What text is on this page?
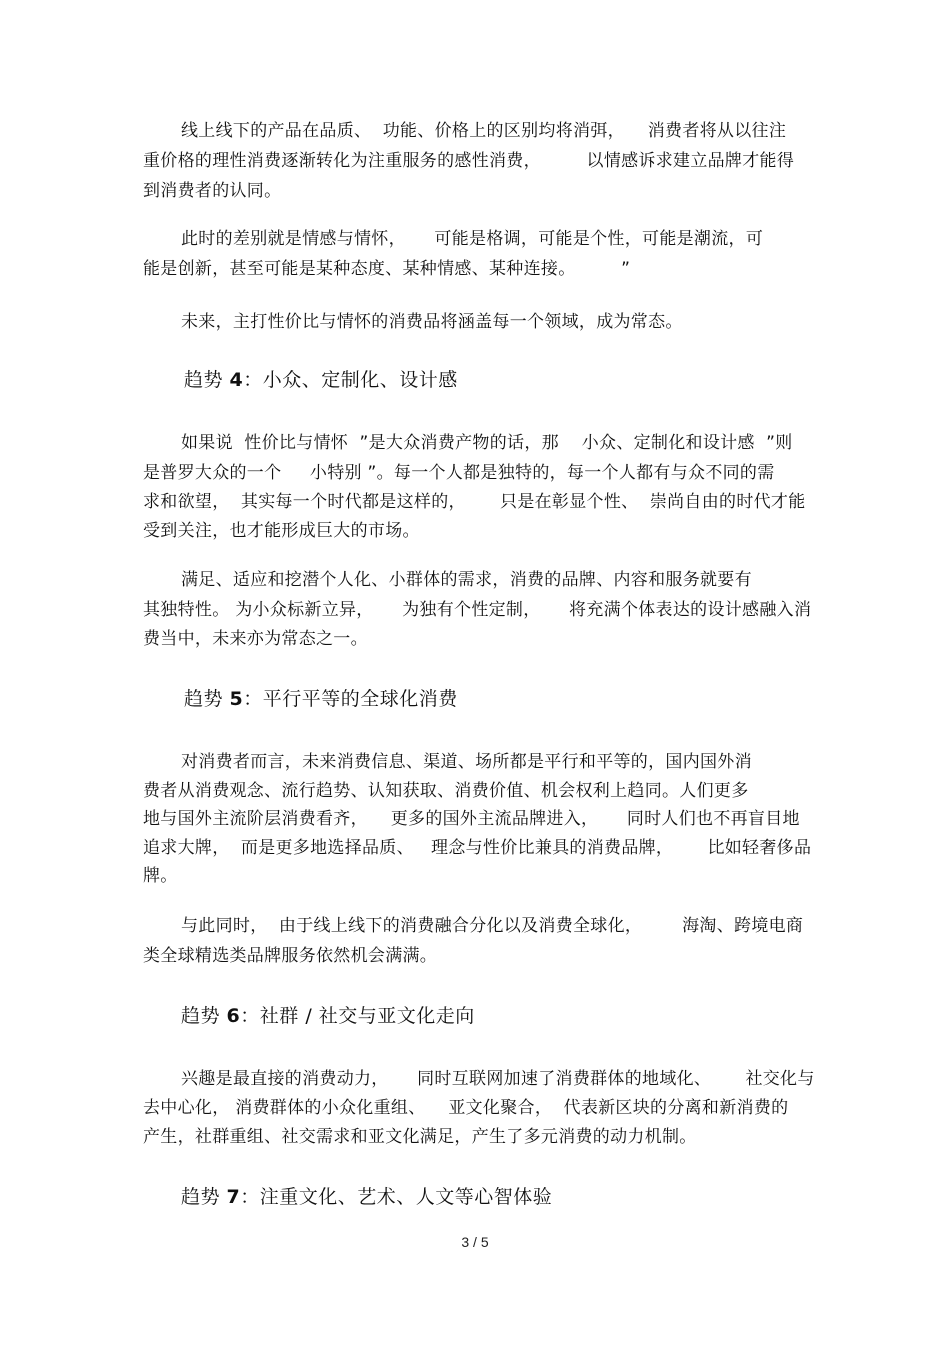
线上线下的产品在品质、  功能、价格上的区别均将消弭，    消费者将从以往注
重价格的理性消费逐渐转化为注重服务的感性消费，        以情感诉求建立品牌才能得
到消费者的认同。
此时的差别就是情感与情怀，     可能是格调，可能是个性，可能是潮流，可
能是创新，甚至可能是某种态度、某种情感、某种连接。        ”
未来，主打性价比与情怀的消费品将涵盖每一个领域，成为常态。
趋势 4：小众、定制化、设计感
如果说  性价比与情怀  ”是大众消费产物的话，那    小众、定制化和设计感  ”则
是普罗大众的一个     小特别 ”。每一个人都是独特的，每一个人都有与众不同的需
求和欲望，  其实每一个时代都是这样的，      只是在彰显个性、  崇尚自由的时代才能
受到关注，也才能形成巨大的市场。
满足、适应和挖潜个人化、小群体的需求，消费的品牌、内容和服务就要有
其独特性。 为小众标新立异，     为独有个性定制，     将充满个体表达的设计感融入消
费当中，未来亦为常态之一。
趋势 5：平行平等的全球化消费
对消费者而言，未来消费信息、渠道、场所都是平行和平等的，国内国外消
费者从消费观念、流行趋势、认知获取、消费价值、机会权利上趋同。人们更多
地与国外主流阶层消费看齐，    更多的国外主流品牌进入，     同时人们也不再盲目地
追求大牌，  而是更多地选择品质、   理念与性价比兼具的消费品牌，      比如轻奢侈品
牌。
与此同时，  由于线上线下的消费融合分化以及消费全球化，       海淘、跨境电商
类全球精选类品牌服务依然机会满满。
趋势 6：社群 / 社交与亚文化走向
兴趣是最直接的消费动力，     同时互联网加速了消费群体的地域化、      社交化与
去中心化， 消费群体的小众化重组、    亚文化聚合，  代表新区块的分离和新消费的
产生，社群重组、社交需求和亚文化满足，产生了多元消费的动力机制。
趋势 7：注重文化、艺术、人文等心智体验
3 / 5
